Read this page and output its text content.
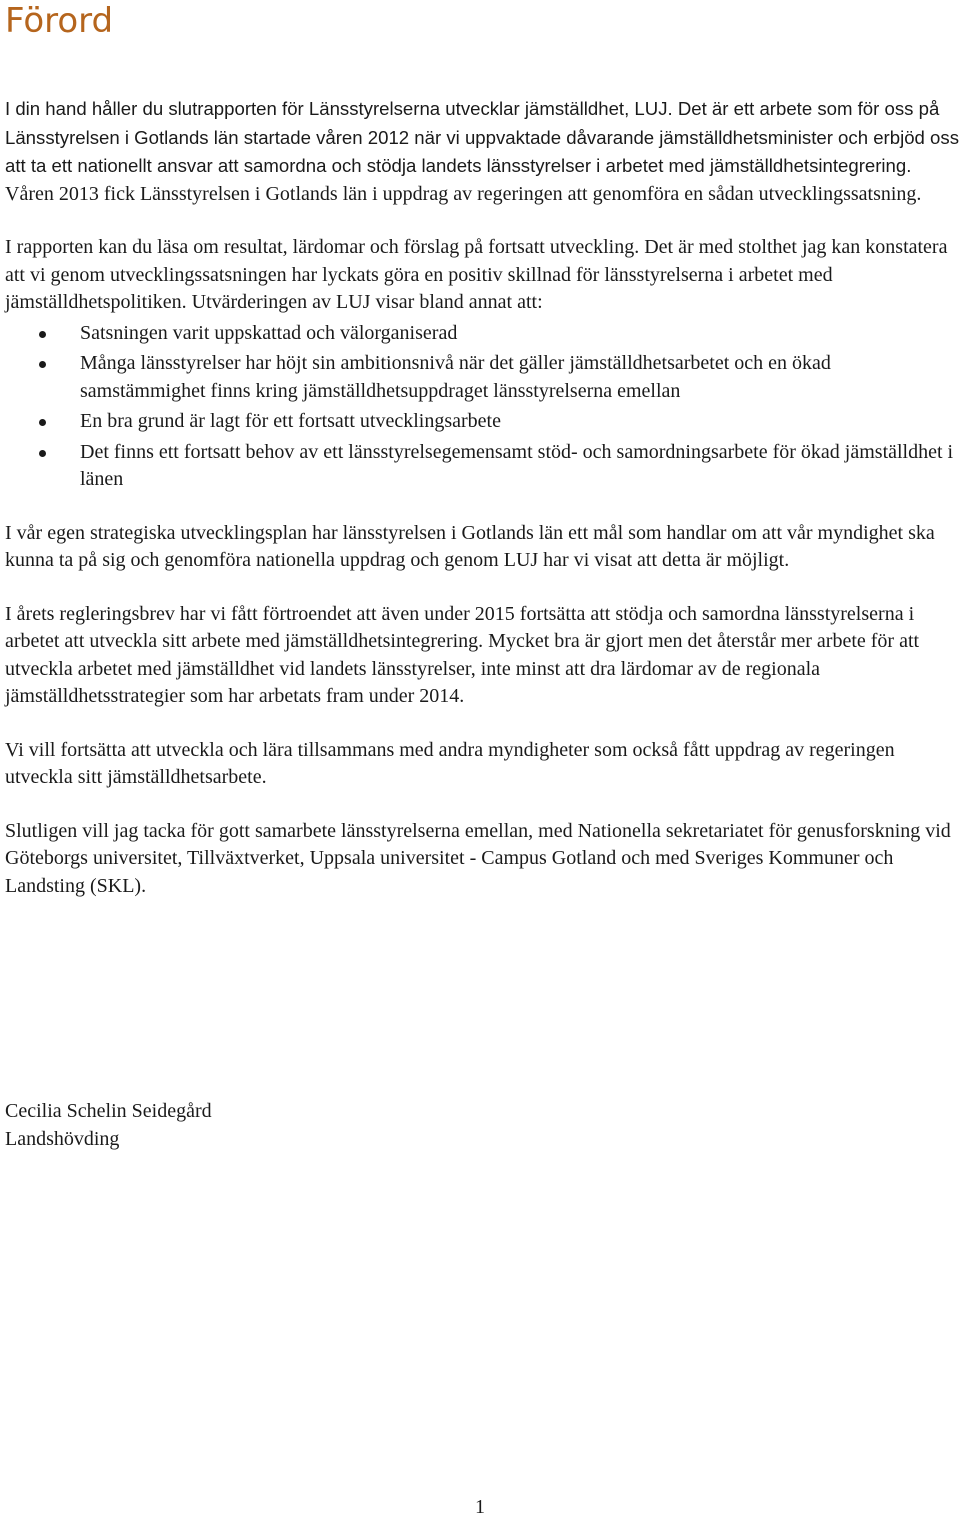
Förord

I din hand håller du slutrapporten för Länsstyrelserna utvecklar jämställdhet, LUJ. Det är ett arbete som för oss på Länsstyrelsen i Gotlands län startade våren 2012 när vi uppvaktade dåvarande jämställdhetsminister och erbjöd oss att ta ett nationellt ansvar att samordna och stödja landets länsstyrelser i arbetet med jämställdhetsintegrering. Våren 2013 fick Länsstyrelsen i Gotlands län i uppdrag av regeringen att genomföra en sådan utvecklingssatsning.

I rapporten kan du läsa om resultat, lärdomar och förslag på fortsatt utveckling. Det är med stolthet jag kan konstatera att vi genom utvecklingssatsningen har lyckats göra en positiv skillnad för länsstyrelserna i arbetet med jämställdhetspolitiken. Utvärderingen av LUJ visar bland annat att:

Satsningen varit uppskattad och välorganiserad
Många länsstyrelser har höjt sin ambitionsnivå när det gäller jämställdhetsarbetet och en ökad samstämmighet finns kring jämställdhetsuppdraget länsstyrelserna emellan
En bra grund är lagt för ett fortsatt utvecklingsarbete
Det finns ett fortsatt behov av ett länsstyrelsegemensamt stöd- och samordningsarbete för ökad jämställdhet i länen

I vår egen strategiska utvecklingsplan har länsstyrelsen i Gotlands län ett mål som handlar om att vår myndighet ska kunna ta på sig och genomföra nationella uppdrag och genom LUJ har vi visat att detta är möjligt.

I årets regleringsbrev har vi fått förtroendet att även under 2015 fortsätta att stödja och samordna länsstyrelserna i arbetet att utveckla sitt arbete med jämställdhetsintegrering. Mycket bra är gjort men det återstår mer arbete för att utveckla arbetet med jämställdhet vid landets länsstyrelser, inte minst att dra lärdomar av de regionala jämställdhetsstrategier som har arbetats fram under 2014.

Vi vill fortsätta att utveckla och lära tillsammans med andra myndigheter som också fått uppdrag av regeringen utveckla sitt jämställdhetsarbete.

Slutligen vill jag tacka för gott samarbete länsstyrelserna emellan, med Nationella sekretariatet för genusforskning vid Göteborgs universitet, Tillväxtverket, Uppsala universitet - Campus Gotland och med Sveriges Kommuner och Landsting (SKL).

Cecilia Schelin Seidegård
Landshövding
1
